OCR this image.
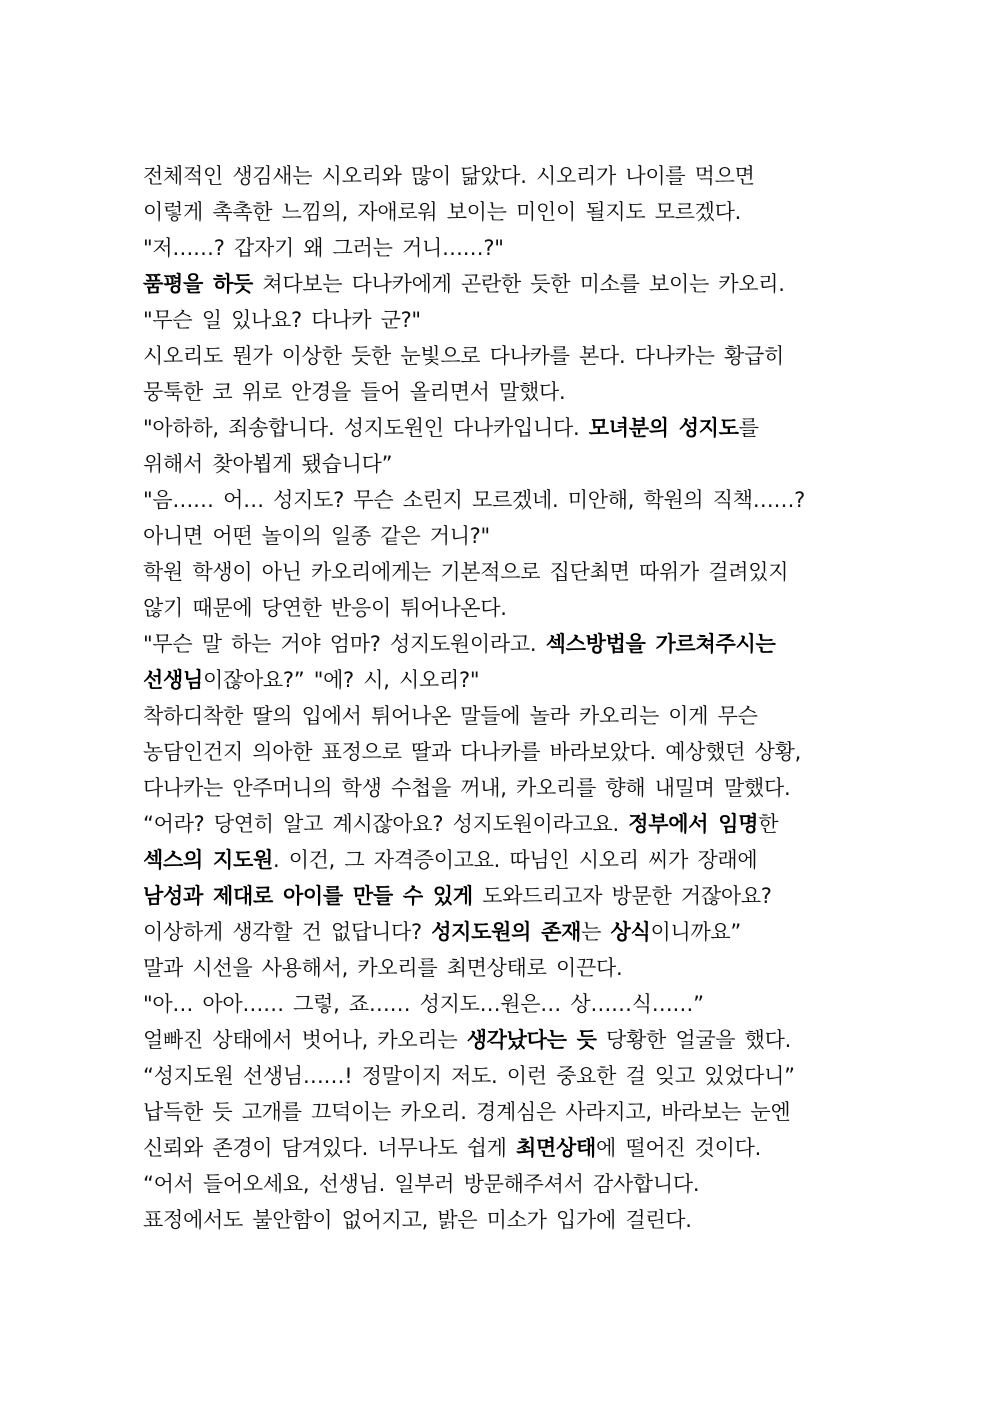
전체적인 생김새는 시오리와 많이 닮았다. 시오리가 나이를 먹으면
이렇게 촉촉한 느낌의, 자애로워 보이는 미인이 될지도 모르겠다.
"저……? 갑자기 왜 그러는 거니……?"
품평을 하듯 쳐다보는 다나카에게 곤란한 듯한 미소를 보이는 카오리.
"무슨 일 있나요? 다나카 군?"
시오리도 뭔가 이상한 듯한 눈빛으로 다나카를 본다. 다나카는 황급히
뭉툭한 코 위로 안경을 들어 올리면서 말했다.
"아하하, 죄송합니다. 성지도원인 다나카입니다. 모녀분의 성지도를
위해서 찾아뵙게 됐습니다”
"음…… 어… 성지도? 무슨 소린지 모르겠네. 미안해, 학원의 직책……?
아니면 어떤 놀이의 일종 같은 거니?"
학원 학생이 아닌 카오리에게는 기본적으로 집단최면 따위가 걸려있지
않기 때문에 당연한 반응이 튀어나온다.
"무슨 말 하는 거야 엄마? 성지도원이라고. 섹스방법을 가르쳐주시는
선생님이잖아요?” "에? 시, 시오리?"
착하디착한 딸의 입에서 튀어나온 말들에 놀라 카오리는 이게 무슨
농담인건지 의아한 표정으로 딸과 다나카를 바라보았다. 예상했던 상황,
다나카는 안주머니의 학생 수첩을 꺼내, 카오리를 향해 내밀며 말했다.
“어라? 당연히 알고 계시잖아요? 성지도원이라고요. 정부에서 임명한
섹스의 지도원. 이건, 그 자격증이고요. 따님인 시오리 씨가 장래에
남성과 제대로 아이를 만들 수 있게 도와드리고자 방문한 거잖아요?
이상하게 생각할 건 없답니다? 성지도원의 존재는 상식이니까요”
말과 시선을 사용해서, 카오리를 최면상태로 이끈다.
"아… 아아…… 그렇, 죠…… 성지도…원은… 상……식……”
얼빠진 상태에서 벗어나, 카오리는 생각났다는 듯 당황한 얼굴을 했다.
“성지도원 선생님……! 정말이지 저도. 이런 중요한 걸 잊고 있었다니”
납득한 듯 고개를 끄덕이는 카오리. 경계심은 사라지고, 바라보는 눈엔
신뢰와 존경이 담겨있다. 너무나도 쉽게 최면상태에 떨어진 것이다.
“어서 들어오세요, 선생님. 일부러 방문해주셔서 감사합니다.
표정에서도 불안함이 없어지고, 밝은 미소가 입가에 걸린다.
